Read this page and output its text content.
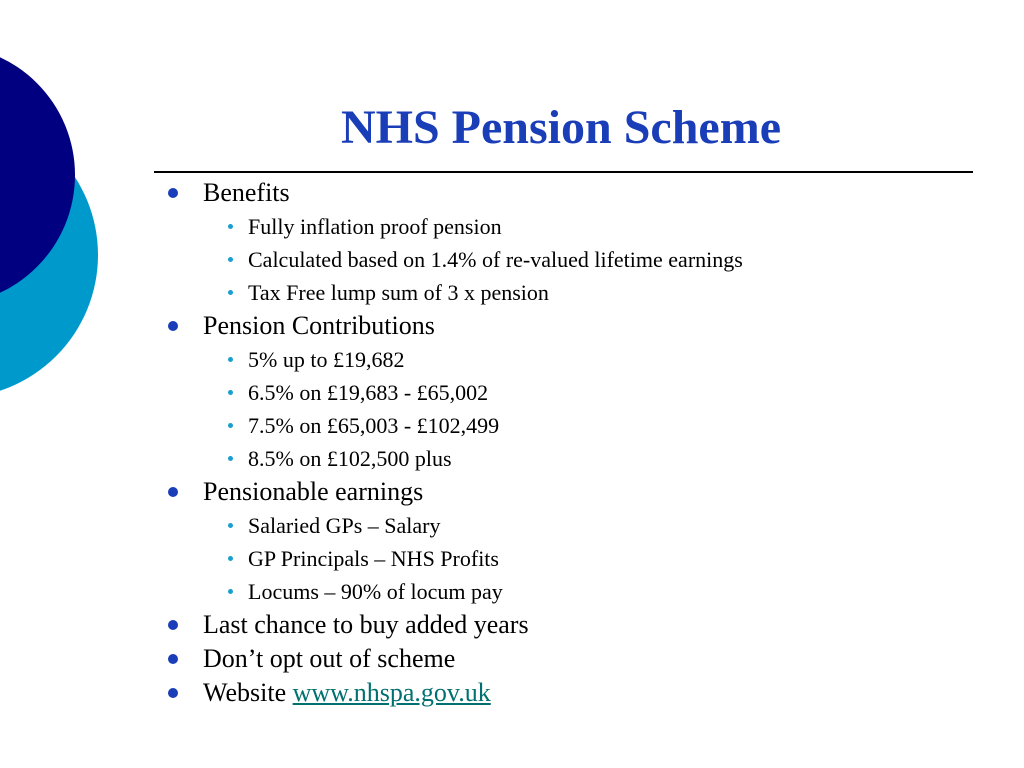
NHS Pension Scheme
Benefits
Fully inflation proof pension
Calculated based on 1.4% of re-valued lifetime earnings
Tax Free lump sum of 3 x pension
Pension Contributions
5% up to £19,682
6.5% on £19,683 - £65,002
7.5% on £65,003 - £102,499
8.5% on £102,500 plus
Pensionable earnings
Salaried GPs – Salary
GP Principals – NHS Profits
Locums – 90% of locum pay
Last chance to buy added years
Don’t opt out of scheme
Website www.nhspa.gov.uk
